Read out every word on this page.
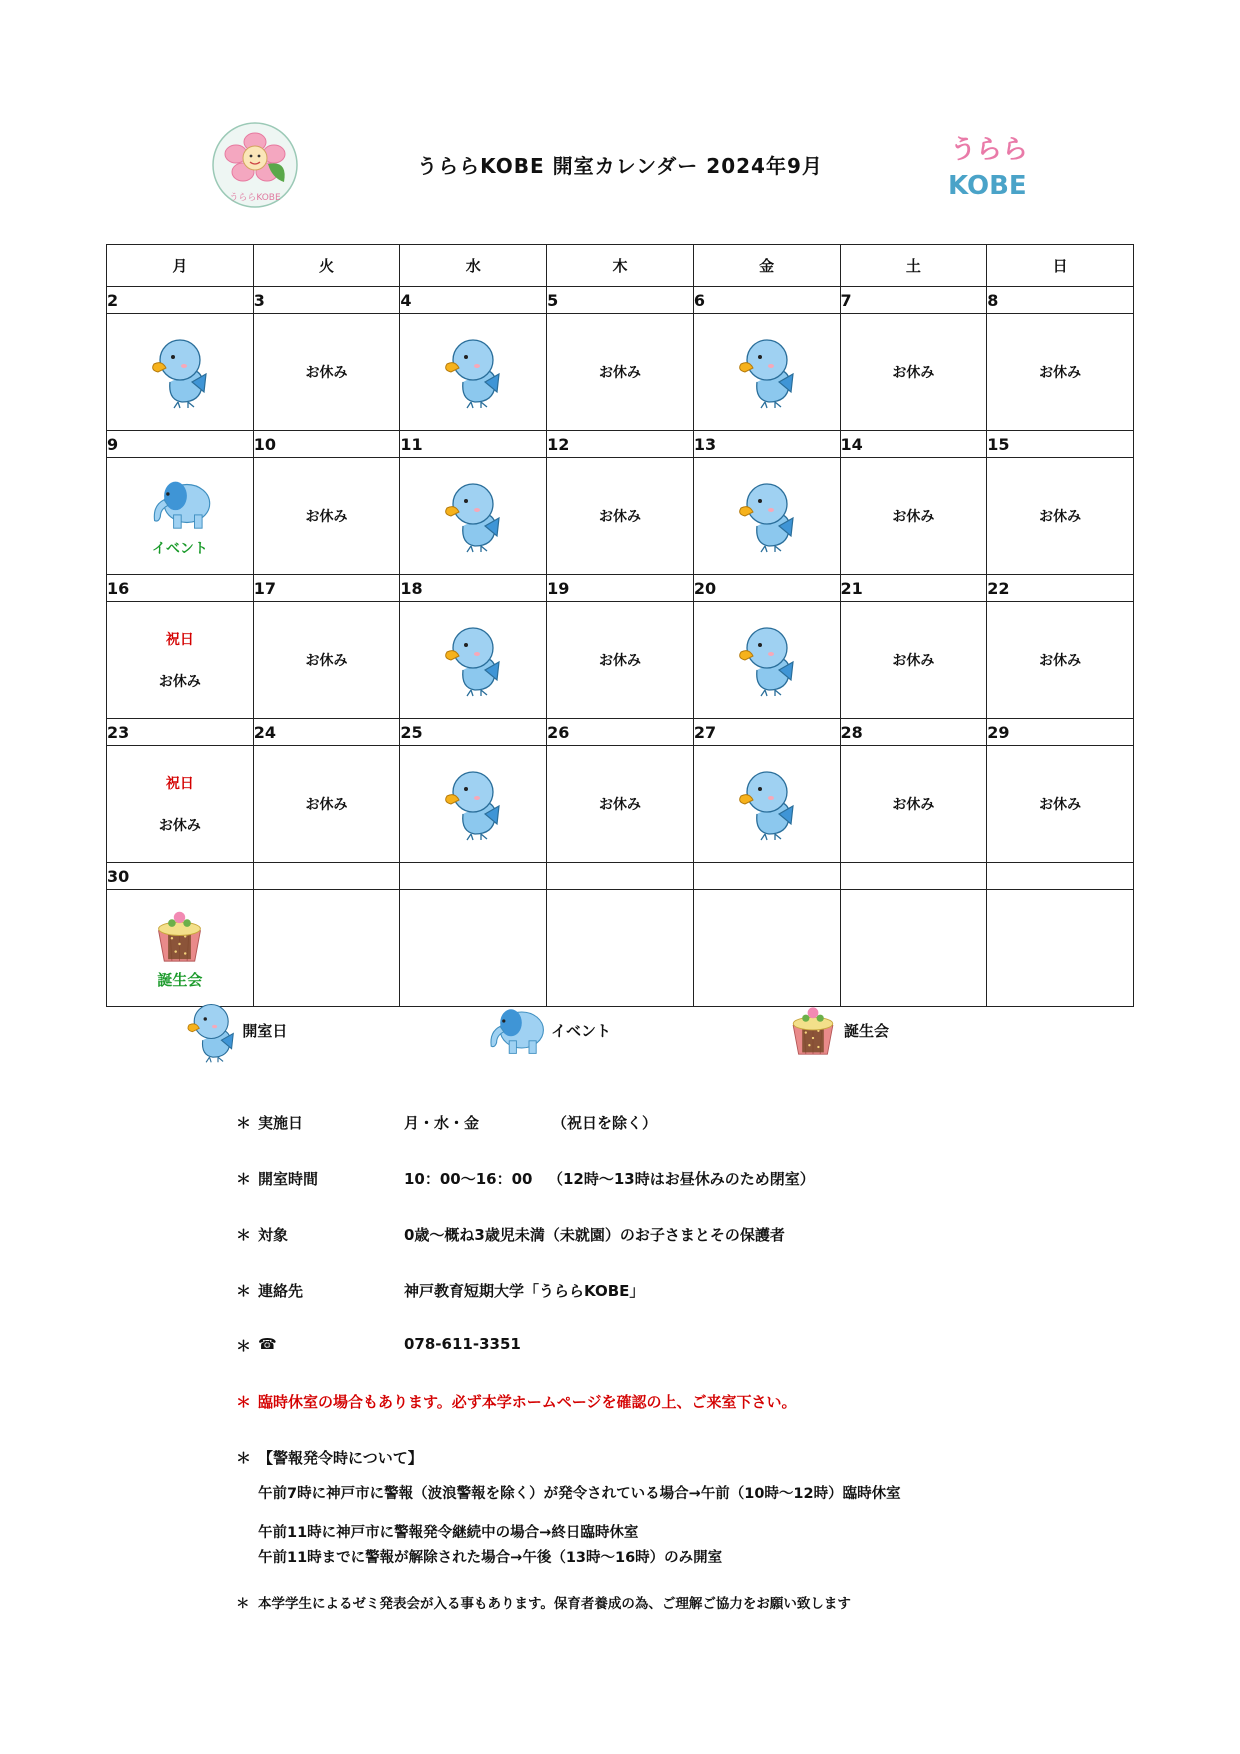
うららKOBE
うららKOBE 開室カレンダー 2024年9月
うらら
KOBE
月	火	水	木	金	土	日
2	3	4	5	6	7	8

	お休み		お休み		お休み	お休み
9	10	11	12	13	14	15

イベント	お休み		お休み		お休み	お休み
16	17	18	19	20	21	22

祝日
お休み	お休み		お休み		お休み	お休み
23	24	25	26	27	28	29

祝日
お休み	お休み		お休み		お休み	お休み
30						

誕生会						

開室日	イベント	誕生会
＊ 実施日	月・水・金	（祝日を除く）
＊ 開室時間	10：00～16：00 （12時～13時はお昼休みのため閉室）
＊ 対象	0歳～概ね3歳児未満（未就園）のお子さまとその保護者
＊ 連絡先	神戸教育短期大学「うららKOBE」
＊ ☎	078-611-3351
＊ 臨時休室の場合もあります。必ず本学ホームページを確認の上、ご来室下さい。
＊ 【警報発令時について】
午前7時に神戸市に警報（波浪警報を除く）が発令されている場合→午前（10時～12時）臨時休室
午前11時に神戸市に警報発令継続中の場合→終日臨時休室
午前11時までに警報が解除された場合→午後（13時～16時）のみ開室
＊ 本学学生によるゼミ発表会が入る事もあります。保育者養成の為、ご理解ご協力をお願い致します
